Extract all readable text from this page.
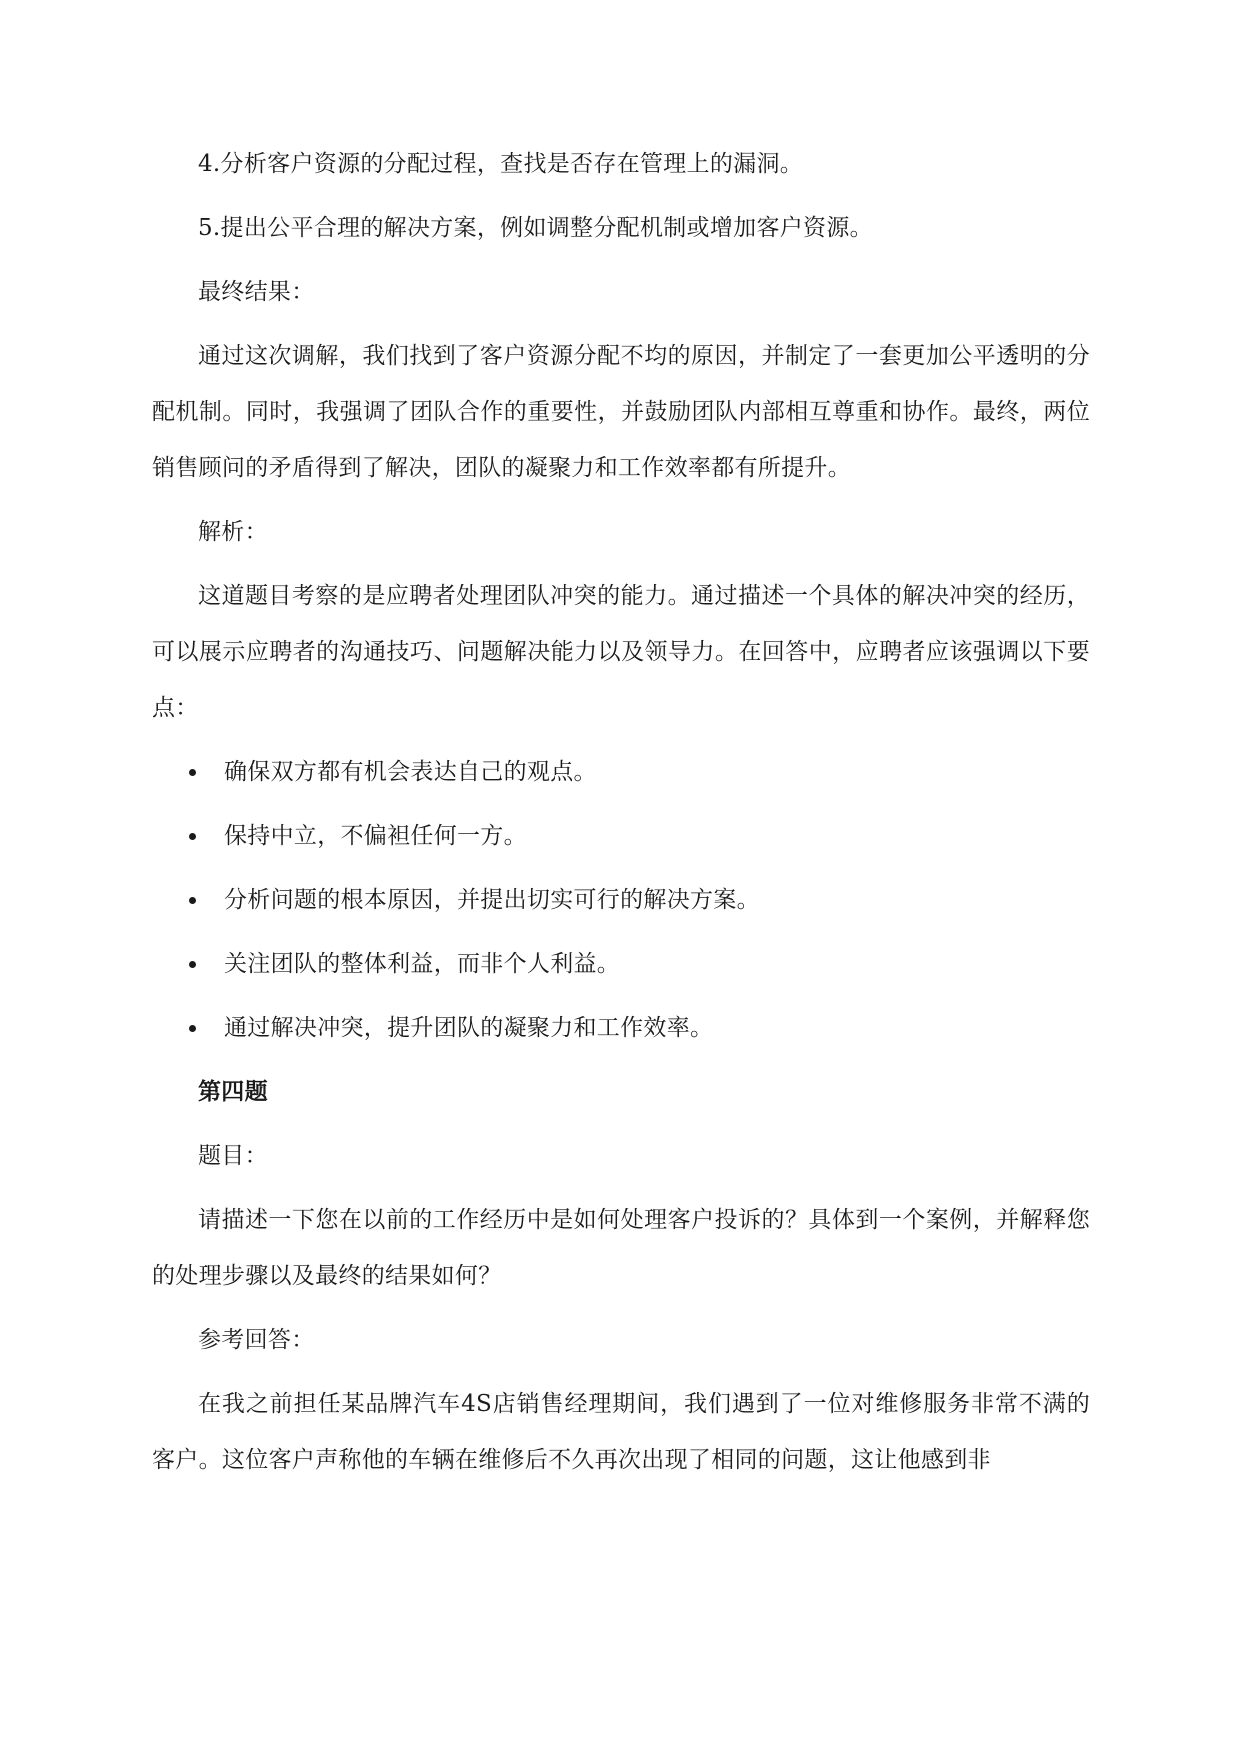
4.分析客户资源的分配过程，查找是否存在管理上的漏洞。

5.提出公平合理的解决方案，例如调整分配机制或增加客户资源。

最终结果：

通过这次调解，我们找到了客户资源分配不均的原因，并制定了一套更加公平透明的分配机制。同时，我强调了团队合作的重要性，并鼓励团队内部相互尊重和协作。最终，两位销售顾问的矛盾得到了解决，团队的凝聚力和工作效率都有所提升。

解析：

这道题目考察的是应聘者处理团队冲突的能力。通过描述一个具体的解决冲突的经历，可以展示应聘者的沟通技巧、问题解决能力以及领导力。在回答中，应聘者应该强调以下要点：

确保双方都有机会表达自己的观点。
保持中立，不偏袒任何一方。
分析问题的根本原因，并提出切实可行的解决方案。
关注团队的整体利益，而非个人利益。
通过解决冲突，提升团队的凝聚力和工作效率。

第四题

题目：

请描述一下您在以前的工作经历中是如何处理客户投诉的？具体到一个案例，并解释您的处理步骤以及最终的结果如何？

参考回答：

在我之前担任某品牌汽车4S店销售经理期间，我们遇到了一位对维修服务非常不满的客户。这位客户声称他的车辆在维修后不久再次出现了相同的问题，这让他感到非
